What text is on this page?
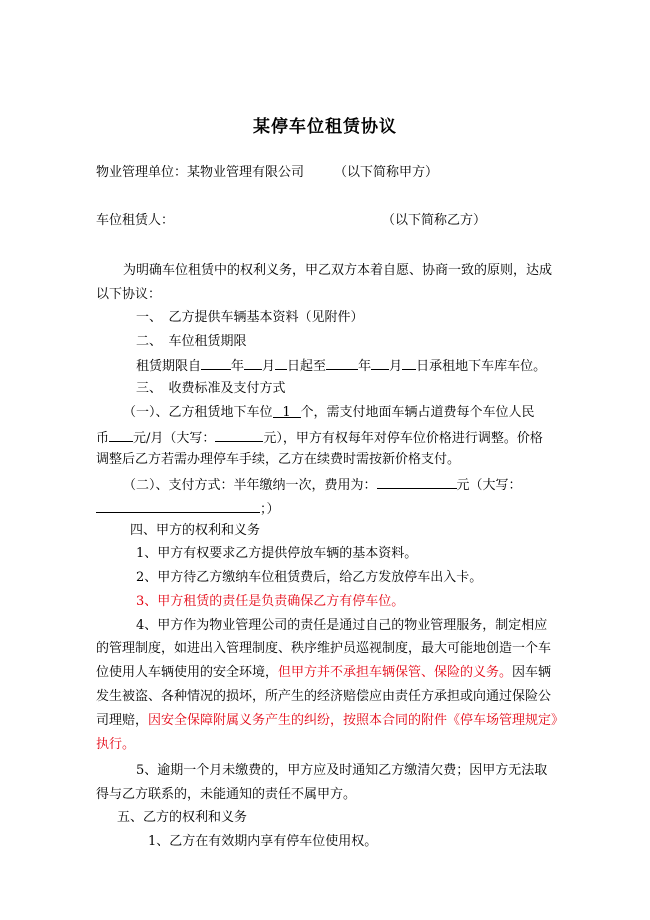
某停车位租赁协议
物业管理单位：某物业管理有限公司 （以下简称甲方）
车位租赁人：	（以下简称乙方）
为明确车位租赁中的权利义务，甲乙双方本着自愿、协商一致的原则，达成
以下协议：
一、　乙方提供车辆基本资料（见附件）
二、　车位租赁期限
租赁期限自 年 月 日起至 年 月 日承租地下车库车位。
三、　收费标准及支付方式
（一）、乙方租赁地下车位 1 个，需支付地面车辆占道费每个车位人民
币 元/月（大写：	元），甲方有权每年对停车位价格进行调整。价格
调整后乙方若需办理停车手续，乙方在续费时需按新价格支付。
（二）、支付方式：半年缴纳一次，费用为：	元（大写：
；）
四、甲方的权利和义务
1、甲方有权要求乙方提供停放车辆的基本资料。
2、甲方待乙方缴纳车位租赁费后，给乙方发放停车出入卡。
3、甲方租赁的责任是负责确保乙方有停车位。
4、甲方作为物业管理公司的责任是通过自己的物业管理服务，制定相应
的管理制度，如进出入管理制度、秩序维护员巡视制度，最大可能地创造一个车
位使用人车辆使用的安全环境，但甲方并不承担车辆保管、保险的义务。因车辆
发生被盗、各种情况的损坏，所产生的经济赔偿应由责任方承担或向通过保险公
司理赔，因安全保障附属义务产生的纠纷，按照本合同的附件《停车场管理规定》
执行。
5、逾期一个月未缴费的，甲方应及时通知乙方缴清欠费；因甲方无法取
得与乙方联系的，未能通知的责任不属甲方。
五、乙方的权利和义务
1、乙方在有效期内享有停车位使用权。
